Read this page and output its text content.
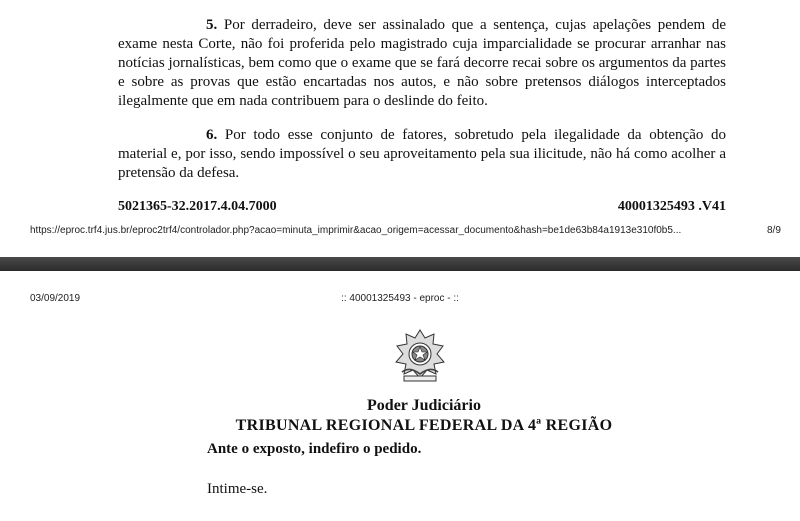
5. Por derradeiro, deve ser assinalado que a sentença, cujas apelações pendem de exame nesta Corte, não foi proferida pelo magistrado cuja imparcialidade se procurar arranhar nas notícias jornalísticas, bem como que o exame que se fará decorre recai sobre os argumentos da partes e sobre as provas que estão encartadas nos autos, e não sobre pretensos diálogos interceptados ilegalmente que em nada contribuem para o deslinde do feito.

6. Por todo esse conjunto de fatores, sobretudo pela ilegalidade da obtenção do material e, por isso, sendo impossível o seu aproveitamento pela sua ilicitude, não há como acolher a pretensão da defesa.

5021365-32.2017.4.04.7000	40001325493 .V41
https://eproc.trf4.jus.br/eproc2trf4/controlador.php?acao=minuta_imprimir&acao_origem=acessar_documento&hash=be1de63b84a1913e310f0b5...	8/9
03/09/2019	:: 40001325493 - eproc - ::
Poder Judiciário
TRIBUNAL REGIONAL FEDERAL DA 4ª REGIÃO
Ante o exposto, indefiro o pedido.
Intime-se.
